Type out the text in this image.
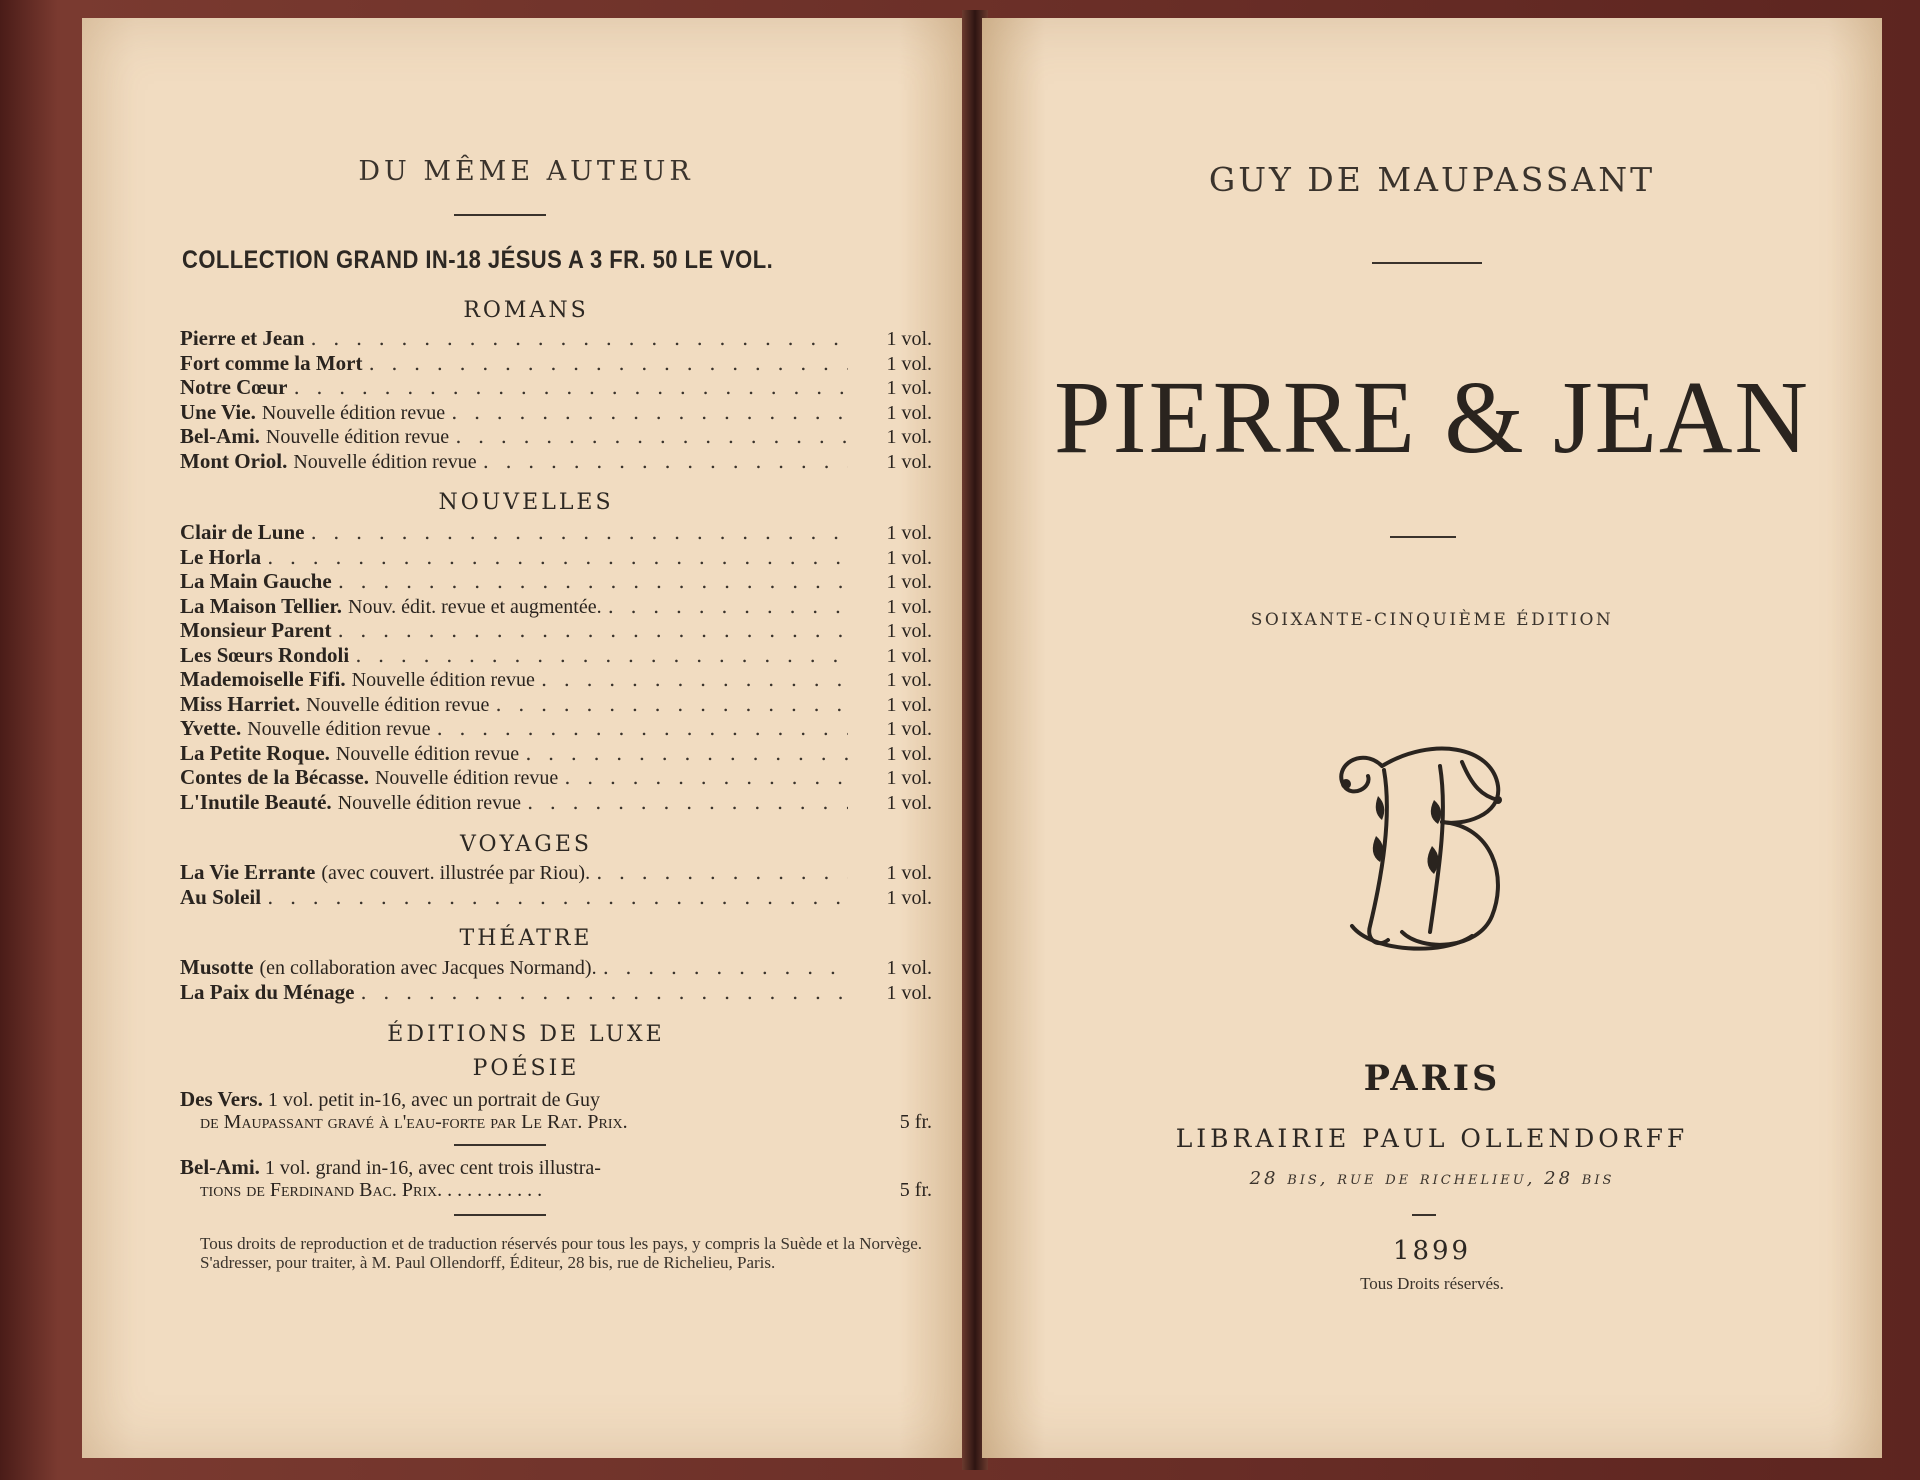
DU MÊME AUTEUR
COLLECTION GRAND IN-18 JÉSUS A 3 FR. 50 LE VOL.
ROMANS
Pierre et Jean . . .	1 vol.
Fort comme la Mort . . .	1 vol.
Notre Cœur . . .	1 vol.
Une Vie. Nouvelle édition revue . . .	1 vol.
Bel-Ami. Nouvelle édition revue . . .	1 vol.
Mont Oriol. Nouvelle édition revue . . .	1 vol.
NOUVELLES
Clair de Lune . . .	1 vol.
Le Horla . . .	1 vol.
La Main Gauche . . .	1 vol.
La Maison Tellier. Nouv. édit. revue et augmentée. . . .	1 vol.
Monsieur Parent . . .	1 vol.
Les Sœurs Rondoli . . .	1 vol.
Mademoiselle Fifi. Nouvelle édition revue . . .	1 vol.
Miss Harriet. Nouvelle édition revue . . .	1 vol.
Yvette. Nouvelle édition revue . . .	1 vol.
La Petite Roque. Nouvelle édition revue . . .	1 vol.
Contes de la Bécasse. Nouvelle édition revue . . .	1 vol.
L'Inutile Beauté. Nouvelle édition revue . . .	1 vol.
VOYAGES
La Vie Errante (avec couvert. illustrée par Riou). . . .	1 vol.
Au Soleil . . .	1 vol.
THÉATRE
Musotte (en collaboration avec Jacques Normand). . . .	1 vol.
La Paix du Ménage . . .	1 vol.
ÉDITIONS DE LUXE
POÉSIE
Des Vers. 1 vol. petit in-16, avec un portrait de Guy
de Maupassant gravé à l'eau-forte par Le Rat. Prix.	5 fr.
Bel-Ami. 1 vol. grand in-16, avec cent trois illustra-
tions de Ferdinand Bac. Prix. . . . . . . . . . .	5 fr.

Tous droits de reproduction et de traduction réservés pour tous les pays, y compris la Suède et la Norvège.

S'adresser, pour traiter, à M. Paul Ollendorff, Éditeur, 28 bis, rue de Richelieu, Paris.

GUY DE MAUPASSANT
PIERRE & JEAN
SOIXANTE-CINQUIÈME ÉDITION
PARIS
LIBRAIRIE PAUL OLLENDORFF
28 bis, rue de richelieu, 28 bis
1899
Tous Droits réservés.
